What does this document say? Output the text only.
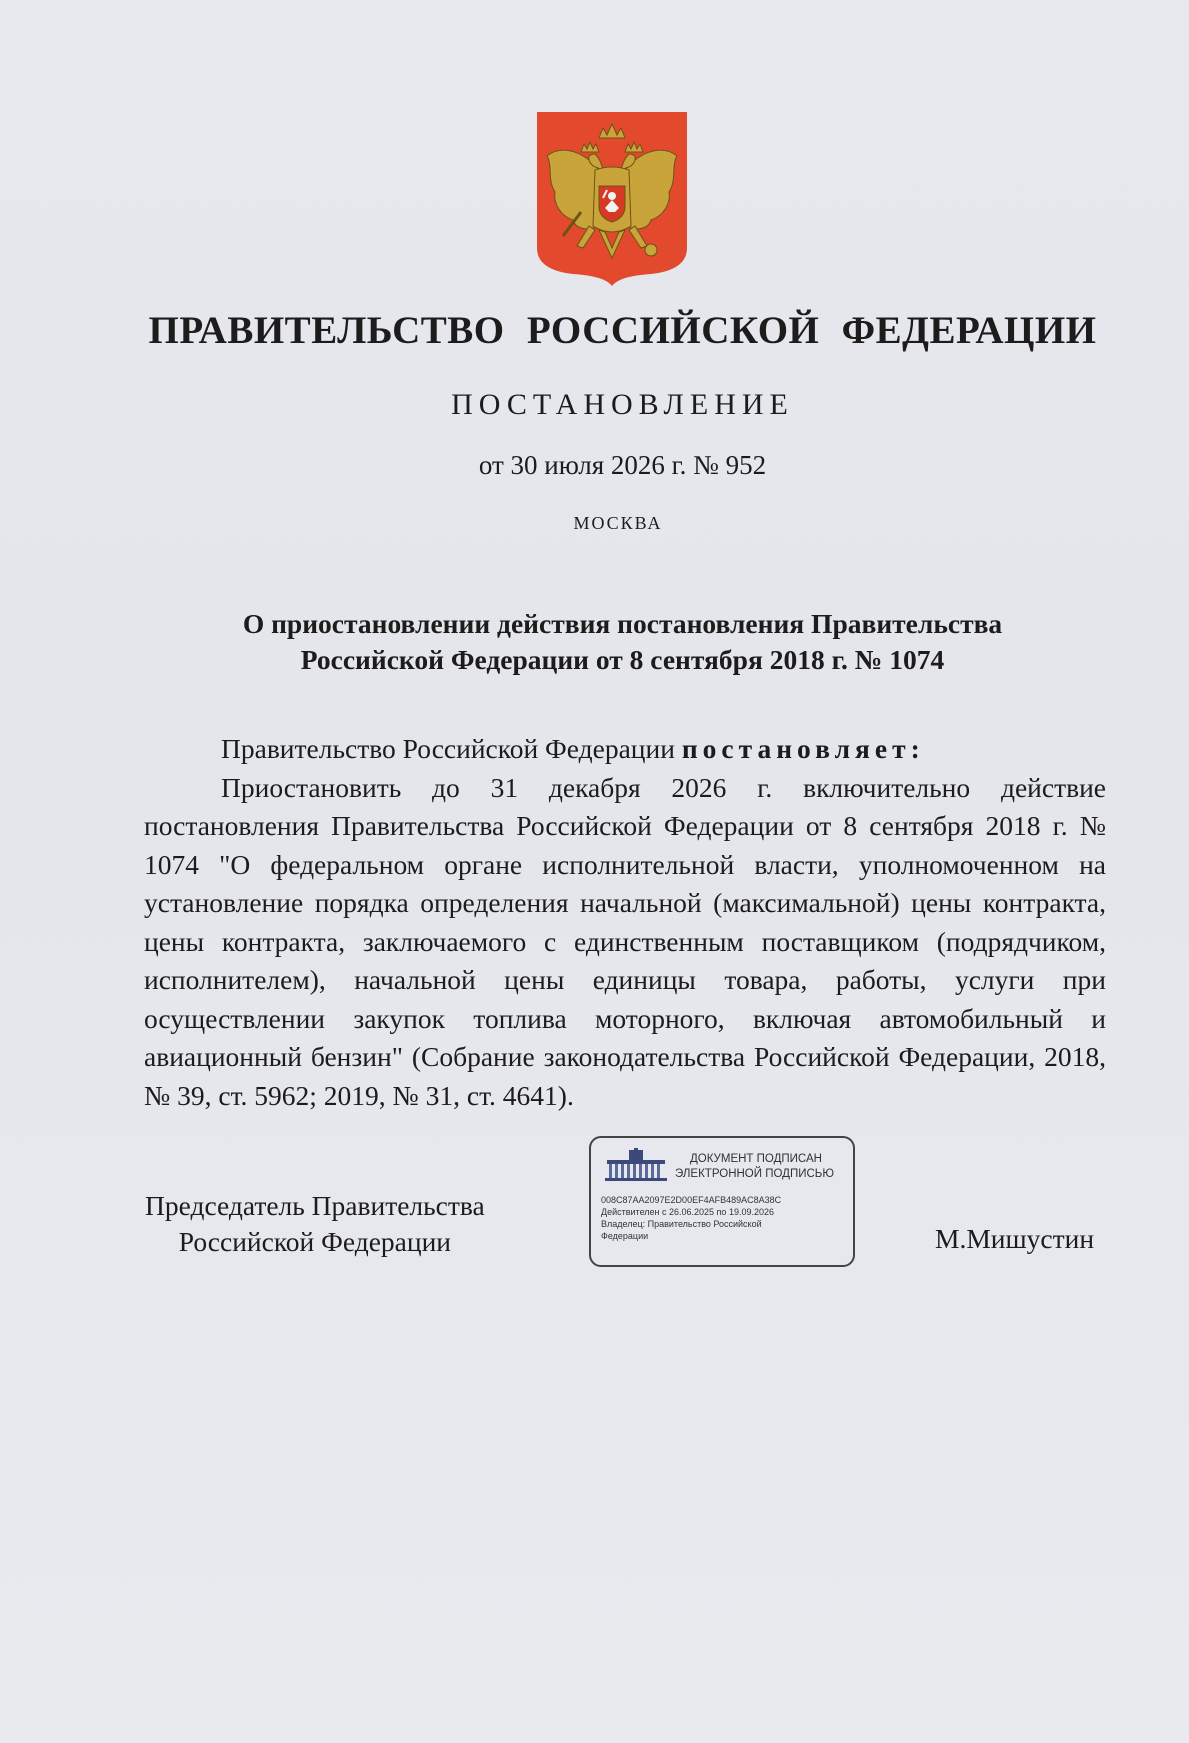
ПРАВИТЕЛЬСТВО РОССИЙСКОЙ ФЕДЕРАЦИИ
ПОСТАНОВЛЕНИЕ
от 30 июля 2026 г. № 952
МОСКВА
О приостановлении действия постановления Правительства
Российской Федерации от 8 сентября 2018 г. № 1074

Правительство Российской Федерации постановляет:

Приостановить до 31 декабря 2026 г. включительно действие постановления Правительства Российской Федерации от 8 сентября 2018 г. № 1074 "О федеральном органе исполнительной власти, уполномоченном на установление порядка определения начальной (максимальной) цены контракта, цены контракта, заключаемого с единственным поставщиком (подрядчиком, исполнителем), начальной цены единицы товара, работы, услуги при осуществлении закупок топлива моторного, включая автомобильный и авиационный бензин" (Собрание законодательства Российской Федерации, 2018, № 39, ст. 5962; 2019, № 31, ст. 4641).

Председатель Правительства
Российской Федерации
ДОКУМЕНТ ПОДПИСАН
ЭЛЕКТРОННОЙ ПОДПИСЬЮ
008C87AA2097E2D00EF4AFB489AC8A38C
Действителен с 26.06.2025 по 19.09.2026
Владелец: Правительство Российской
Федерации	М.Мишустин
